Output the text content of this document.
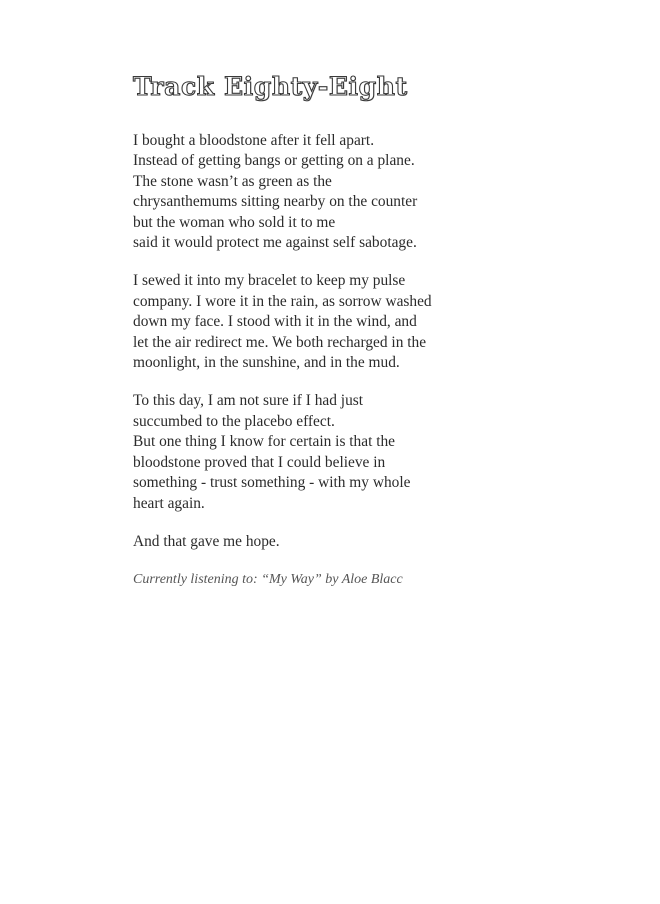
Track Eighty-Eight
I bought a bloodstone after it fell apart.
Instead of getting bangs or getting on a plane.
The stone wasn’t as green as the
chrysanthemums sitting nearby on the counter
but the woman who sold it to me
said it would protect me against self sabotage.
I sewed it into my bracelet to keep my pulse
company. I wore it in the rain, as sorrow washed
down my face. I stood with it in the wind, and
let the air redirect me. We both recharged in the
moonlight, in the sunshine, and in the mud.
To this day, I am not sure if I had just
succumbed to the placebo effect.
But one thing I know for certain is that the
bloodstone proved that I could believe in
something - trust something - with my whole
heart again.
And that gave me hope.
Currently listening to: “My Way” by Aloe Blacc
